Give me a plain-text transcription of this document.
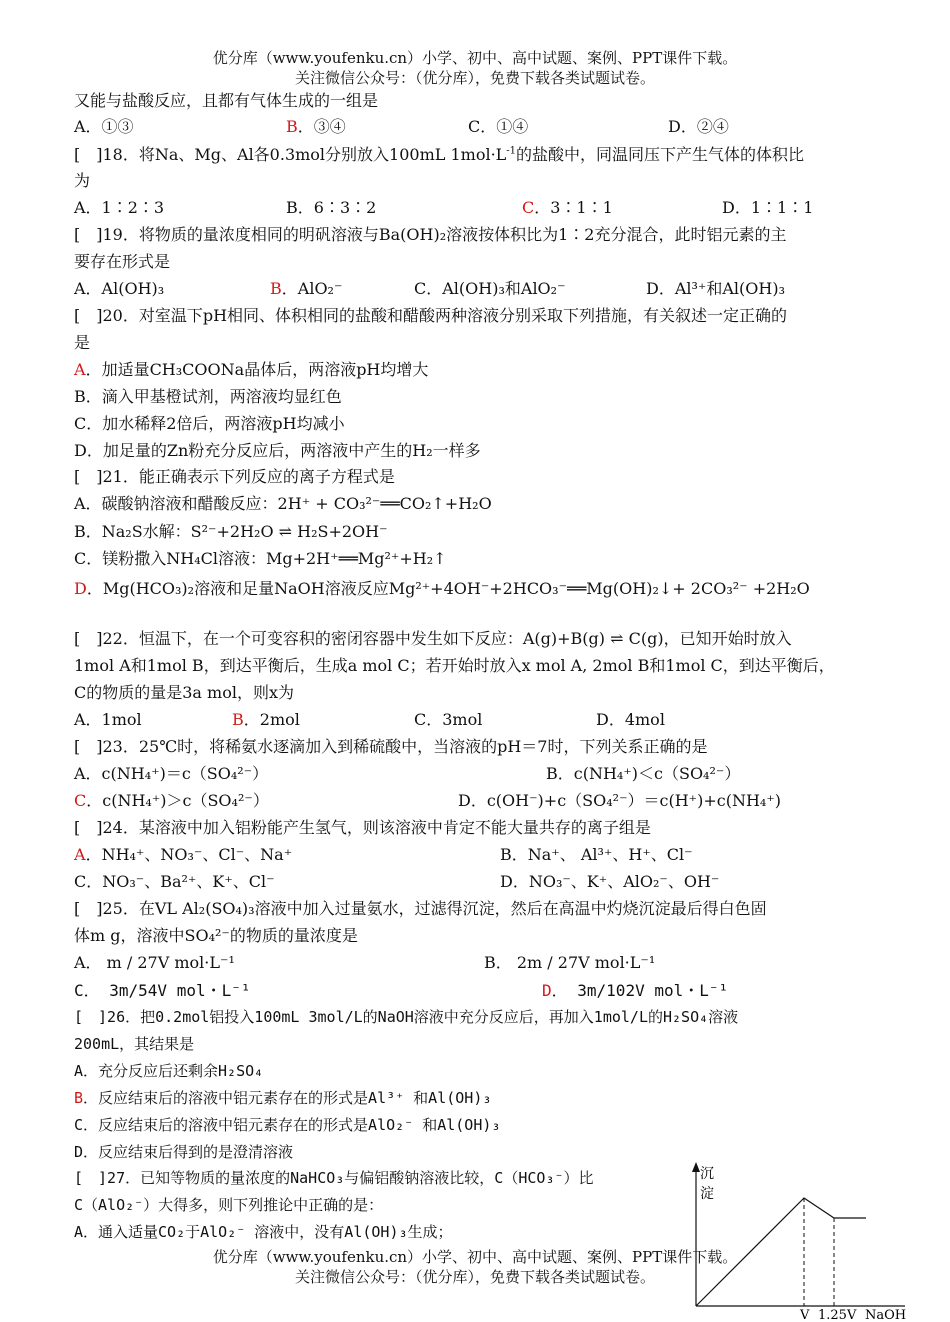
优分库（www.youfenku.cn）小学、初中、高中试题、案例、PPT课件下载。
关注微信公众号：（优分库），免费下载各类试题试卷。
又能与盐酸反应，且都有气体生成的一组是
A．①③	B．③④	C．①④	D．②④
[　]18．将Na、Mg、Al各0.3mol分别放入100mL $1mol\cdot L^{-1}$的盐酸中，同温同压下产生气体的体积比
为
A．1∶2∶3	B．6∶3∶2	C．3∶1∶1	D．1∶1∶1
[　]19．将物质的量浓度相同的明矾溶液与Ba(OH)₂溶液按体积比为1∶2充分混合，此时铝元素的主
要存在形式是
A．Al(OH)₃	B．AlO₂⁻	C．Al(OH)₃和AlO₂⁻	D．Al³⁺和Al(OH)₃
[　]20．对室温下pH相同、体积相同的盐酸和醋酸两种溶液分别采取下列措施，有关叙述一定正确的
是
A．加适量CH₃COONa晶体后，两溶液pH均增大
B．滴入甲基橙试剂，两溶液均显红色
C．加水稀释2倍后，两溶液pH均减小
D．加足量的Zn粉充分反应后，两溶液中产生的H₂一样多
[　]21．能正确表示下列反应的离子方程式是
A．碳酸钠溶液和醋酸反应：2H⁺ + CO₃²⁻══CO₂↑+H₂O
B．Na₂S水解：S²⁻+2H₂O ⇌ H₂S+2OH⁻
C．镁粉撒入NH₄Cl溶液：Mg+2H⁺══Mg²⁺+H₂↑
D．Mg(HCO₃)₂溶液和足量NaOH溶液反应Mg²⁺+4OH⁻+2HCO₃⁻══Mg(OH)₂↓+ 2CO₃²⁻ +2H₂O
[　]22．恒温下，在一个可变容积的密闭容器中发生如下反应：A(g)+B(g) ⇌ C(g)，已知开始时放入
1mol A和1mol B，到达平衡后，生成a mol C；若开始时放入x mol A, 2mol B和1mol C，到达平衡后，
C的物质的量是3a mol，则x为
A．1mol	B．2mol	C．3mol	D．4mol
[　]23．25℃时，将稀氨水逐滴加入到稀硫酸中，当溶液的pH＝7时，下列关系正确的是
A．c(NH₄⁺)＝c（SO₄²⁻）	B．c(NH₄⁺)＜c（SO₄²⁻）
C．c(NH₄⁺)＞c（SO₄²⁻）	D．c(OH⁻)+c（SO₄²⁻）＝c(H⁺)+c(NH₄⁺)
[　]24．某溶液中加入铝粉能产生氢气，则该溶液中肯定不能大量共存的离子组是
A．NH₄⁺、NO₃⁻、Cl⁻、Na⁺	B．Na⁺、 Al³⁺、H⁺、Cl⁻
C．NO₃⁻、Ba²⁺、K⁺、Cl⁻	D．NO₃⁻、K⁺、AlO₂⁻、OH⁻
[　]25．在VL Al₂(SO₄)₃溶液中加入过量氨水，过滤得沉淀，然后在高温中灼烧沉淀最后得白色固
体m g，溶液中SO₄²⁻的物质的量浓度是
A． m / 27V mol·L⁻¹	B． 2m / 27V mol·L⁻¹
C． 3m/54V mol・L⁻¹	D． 3m/102V mol・L⁻¹
[　]26．把0.2mol铝投入100mL 3mol/L的NaOH溶液中充分反应后，再加入1mol/L的H₂SO₄溶液
200mL，其结果是
A．充分反应后还剩余H₂SO₄
B．反应结束后的溶液中铝元素存在的形式是Al³⁺ 和Al(OH)₃
C．反应结束后的溶液中铝元素存在的形式是AlO₂⁻ 和Al(OH)₃
D．反应结束后得到的是澄清溶液
[　]27．已知等物质的量浓度的NaHCO₃与偏铝酸钠溶液比较，C（HCO₃⁻）比
C（AlO₂⁻）大得多，则下列推论中正确的是：
A．通入适量CO₂于AlO₂⁻ 溶液中，没有Al(OH)₃生成；
沉
淀
V 1.25V NaOH
优分库（www.youfenku.cn）小学、初中、高中试题、案例、PPT课件下载。
关注微信公众号：（优分库），免费下载各类试题试卷。
